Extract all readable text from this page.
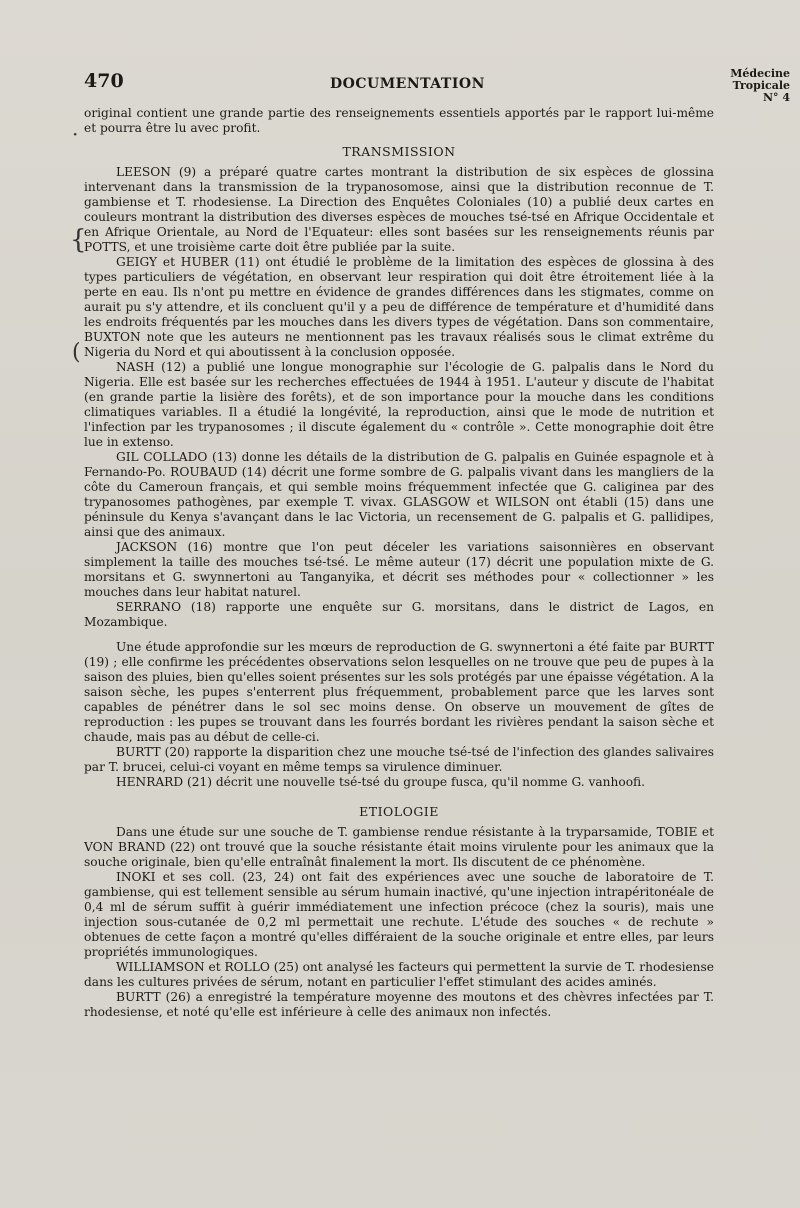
470	DOCUMENTATION
Médecine
Tropicale
N° 4
·
{
(

original contient une grande partie des renseignements essentiels apportés par le rapport lui-même et pourra être lu avec profit.

TRANSMISSION

LEESON (9) a préparé quatre cartes montrant la distribution de six espèces de glossina intervenant dans la transmission de la trypanosomose, ainsi que la distribution reconnue de T. gambiense et T. rhodesiense. La Direction des Enquêtes Coloniales (10) a publié deux cartes en couleurs montrant la distribution des diverses espèces de mouches tsé-tsé en Afrique Occidentale et en Afrique Orientale, au Nord de l'Equateur: elles sont basées sur les renseignements réunis par POTTS, et une troisième carte doit être publiée par la suite.

GEIGY et HUBER (11) ont étudié le problème de la limitation des espèces de glossina à des types particuliers de végétation, en observant leur respiration qui doit être étroitement liée à la perte en eau. Ils n'ont pu mettre en évidence de grandes différences dans les stigmates, comme on aurait pu s'y attendre, et ils concluent qu'il y a peu de différence de température et d'humidité dans les endroits fréquentés par les mouches dans les divers types de végétation. Dans son commentaire, BUXTON note que les auteurs ne mentionnent pas les travaux réalisés sous le climat extrême du Nigeria du Nord et qui aboutissent à la conclusion opposée.

NASH (12) a publié une longue monographie sur l'écologie de G. palpalis dans le Nord du Nigeria. Elle est basée sur les recherches effectuées de 1944 à 1951. L'auteur y discute de l'habitat (en grande partie la lisière des forêts), et de son importance pour la mouche dans les conditions climatiques variables. Il a étudié la longévité, la reproduction, ainsi que le mode de nutrition et l'infection par les trypanosomes ; il discute également du « contrôle ». Cette monographie doit être lue in extenso.

GIL COLLADO (13) donne les détails de la distribution de G. palpalis en Guinée espagnole et à Fernando-Po. ROUBAUD (14) décrit une forme sombre de G. palpalis vivant dans les mangliers de la côte du Cameroun français, et qui semble moins fréquemment infectée que G. caliginea par des trypanosomes pathogènes, par exemple T. vivax. GLASGOW et WILSON ont établi (15) dans une péninsule du Kenya s'avançant dans le lac Victoria, un recensement de G. palpalis et G. pallidipes, ainsi que des animaux.

JACKSON (16) montre que l'on peut déceler les variations saisonnières en observant simplement la taille des mouches tsé-tsé. Le même auteur (17) décrit une population mixte de G. morsitans et G. swynnertoni au Tanganyika, et décrit ses méthodes pour « collectionner » les mouches dans leur habitat naturel.

SERRANO (18) rapporte une enquête sur G. morsitans, dans le district de Lagos, en Mozambique.

Une étude approfondie sur les mœurs de reproduction de G. swynnertoni a été faite par BURTT (19) ; elle confirme les précédentes observations selon lesquelles on ne trouve que peu de pupes à la saison des pluies, bien qu'elles soient présentes sur les sols protégés par une épaisse végétation. A la saison sèche, les pupes s'enterrent plus fréquemment, probablement parce que les larves sont capables de pénétrer dans le sol sec moins dense. On observe un mouvement de gîtes de reproduction : les pupes se trouvant dans les fourrés bordant les rivières pendant la saison sèche et chaude, mais pas au début de celle-ci.

BURTT (20) rapporte la disparition chez une mouche tsé-tsé de l'infection des glandes salivaires par T. brucei, celui-ci voyant en même temps sa virulence diminuer.

HENRARD (21) décrit une nouvelle tsé-tsé du groupe fusca, qu'il nomme G. vanhoofi.

ETIOLOGIE

Dans une étude sur une souche de T. gambiense rendue résistante à la tryparsamide, TOBIE et VON BRAND (22) ont trouvé que la souche résistante était moins virulente pour les animaux que la souche originale, bien qu'elle entraînât finalement la mort. Ils discutent de ce phénomène.

INOKI et ses coll. (23, 24) ont fait des expériences avec une souche de laboratoire de T. gambiense, qui est tellement sensible au sérum humain inactivé, qu'une injection intrapéritonéale de 0,4 ml de sérum suffit à guérir immédiatement une infection précoce (chez la souris), mais une injection sous-cutanée de 0,2 ml permettait une rechute. L'étude des souches « de rechute » obtenues de cette façon a montré qu'elles différaient de la souche originale et entre elles, par leurs propriétés immunologiques.

WILLIAMSON et ROLLO (25) ont analysé les facteurs qui permettent la survie de T. rhodesiense dans les cultures privées de sérum, notant en particulier l'effet stimulant des acides aminés.

BURTT (26) a enregistré la température moyenne des moutons et des chèvres infectées par T. rhodesiense, et noté qu'elle est inférieure à celle des animaux non infectés.
